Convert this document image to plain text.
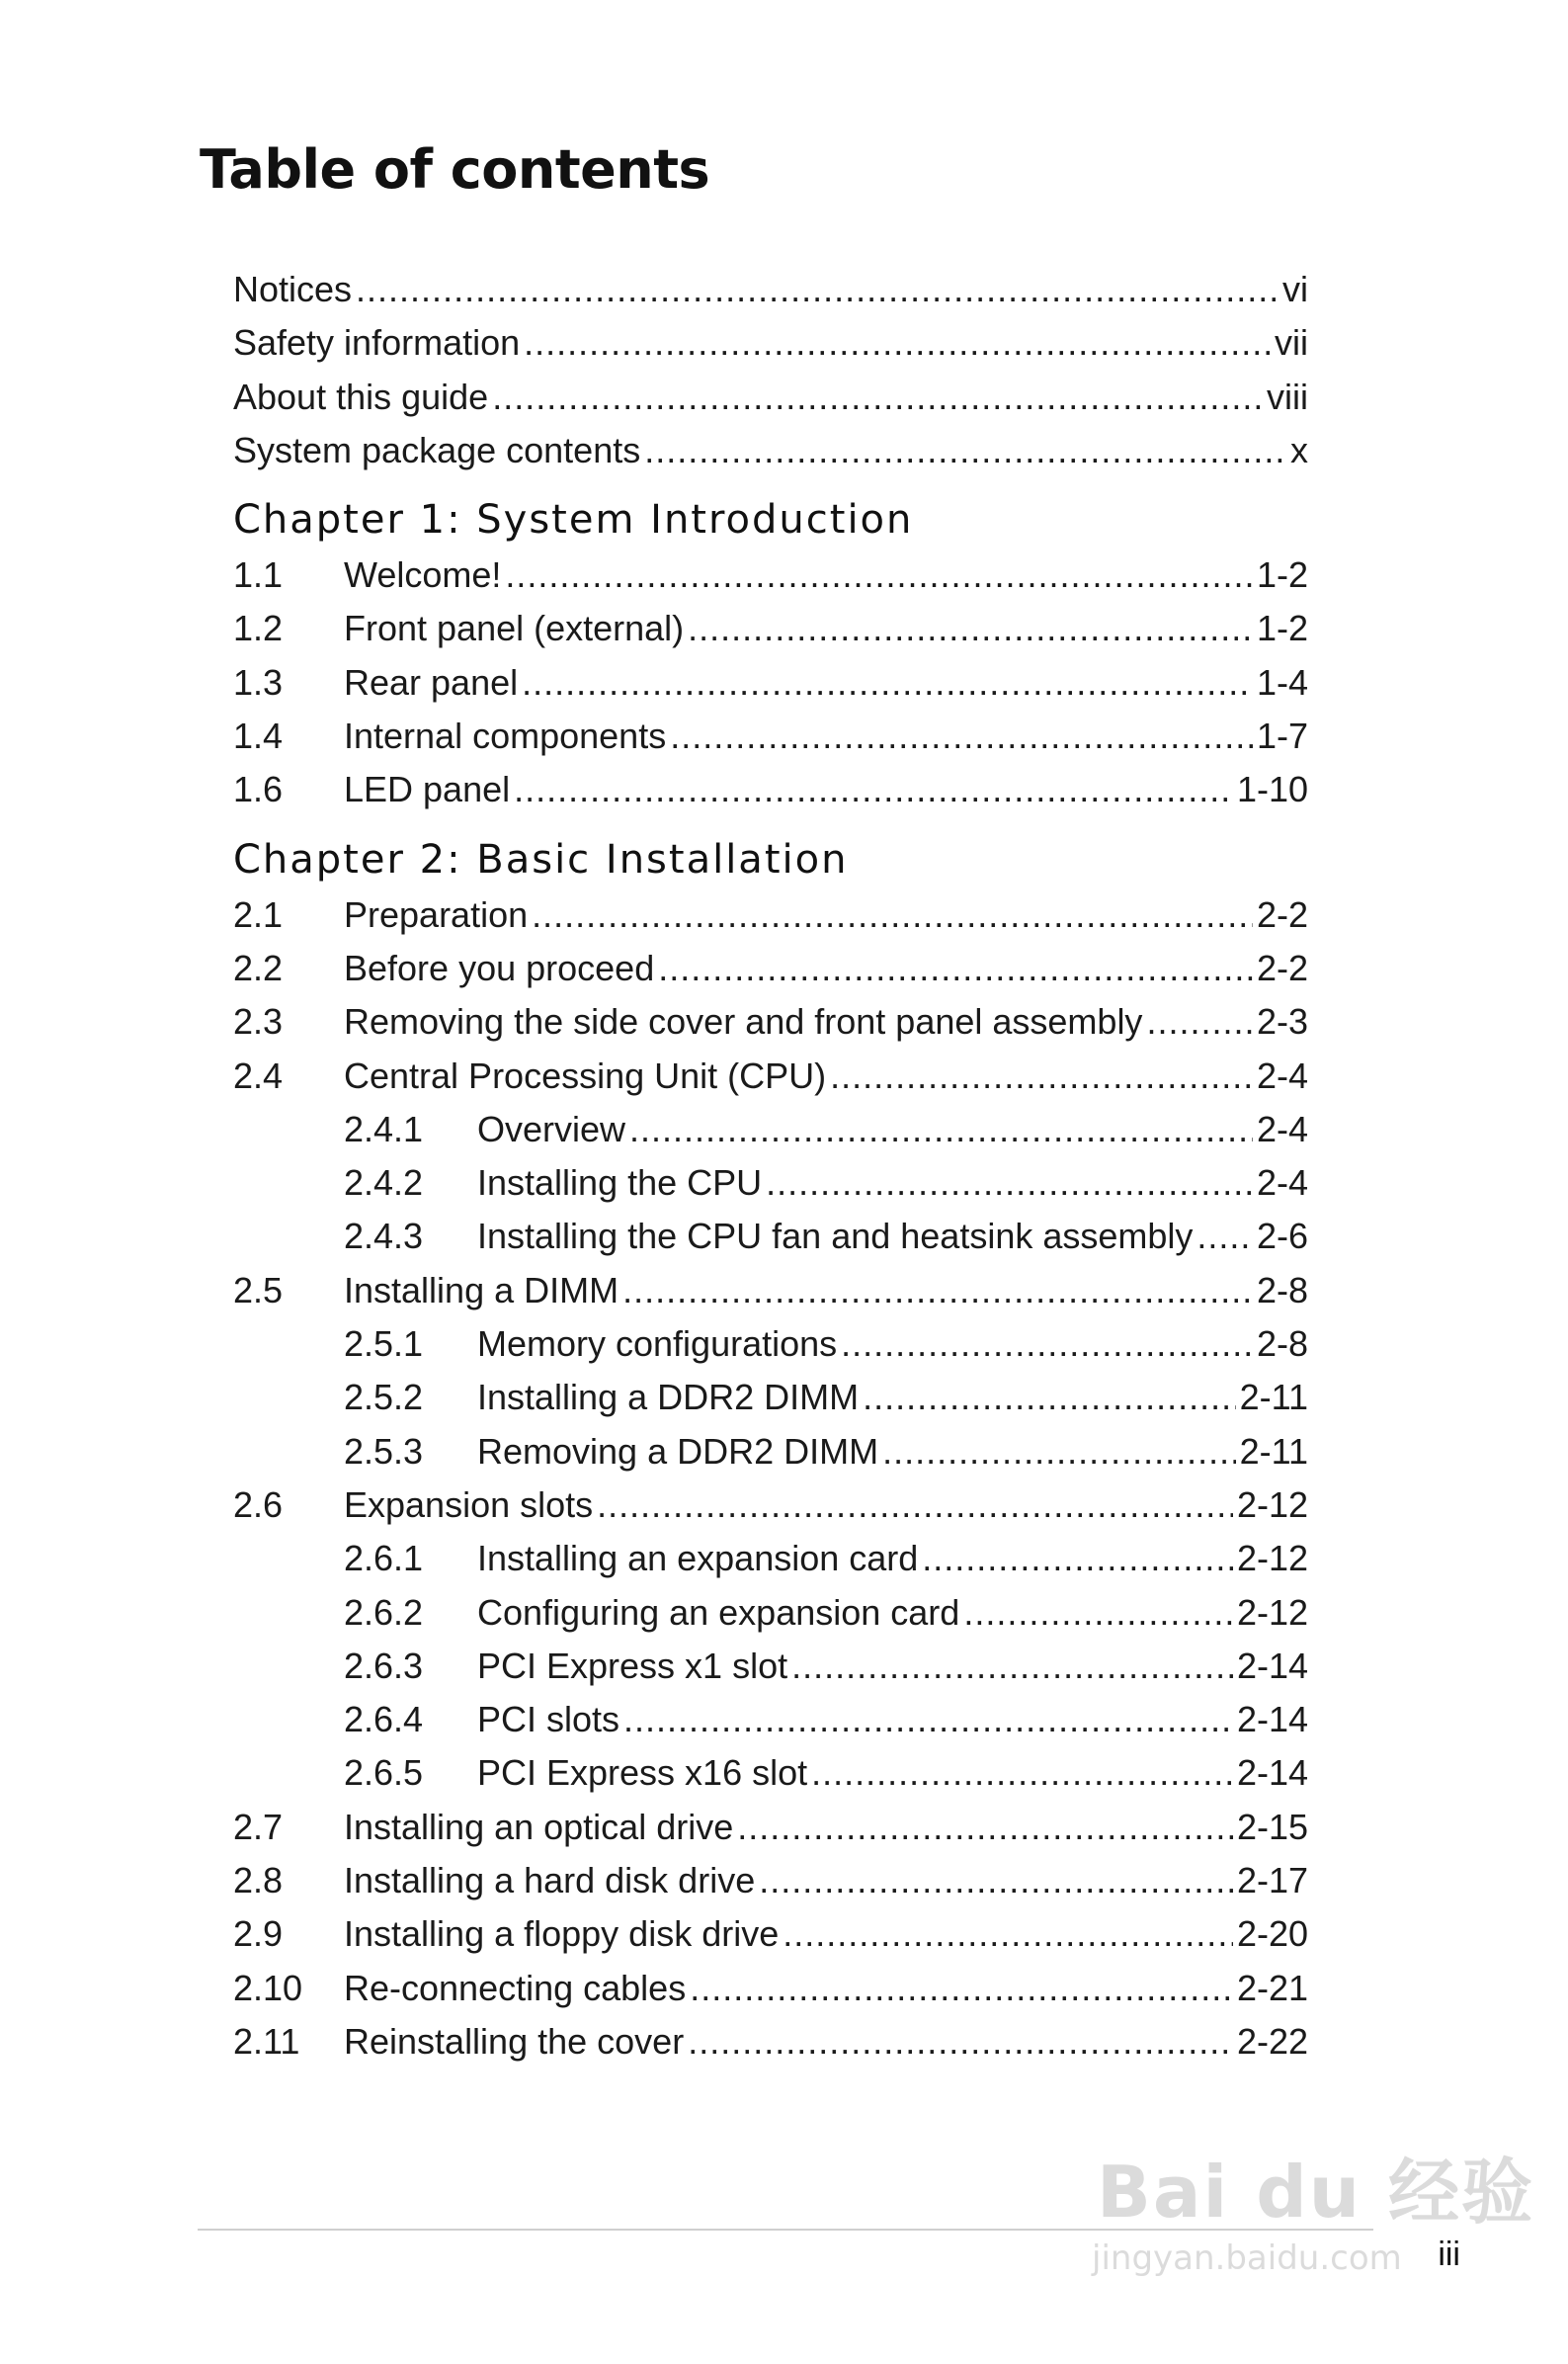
Table of contents
Notices .....	vi
Safety information .....	vii
About this guide .....	viii
System package contents .....	x
Chapter 1: System Introduction
1.1	Welcome! .....	1-2
1.2	Front panel (external) .....	1-2
1.3	Rear panel .....	1-4
1.4	Internal components .....	1-7
1.6	LED panel .....	1-10
Chapter 2: Basic Installation
2.1	Preparation .....	2-2
2.2	Before you proceed .....	2-2
2.3	Removing the side cover and front panel assembly .....	2-3
2.4	Central Processing Unit (CPU) .....	2-4
2.4.1	Overview .....	2-4
2.4.2	Installing the CPU .....	2-4
2.4.3	Installing the CPU fan and heatsink assembly ..... 2-6
2.5	Installing a DIMM .....	2-8
2.5.1	Memory configurations .....	2-8
2.5.2	Installing a DDR2 DIMM .....	2-11
2.5.3	Removing a DDR2 DIMM .....	2-11
2.6	Expansion slots .....	2-12
2.6.1	Installing an expansion card .....	2-12
2.6.2	Configuring an expansion card .....	2-12
2.6.3	PCI Express x1 slot .....	2-14
2.6.4	PCI slots .....	2-14
2.6.5	PCI Express x16 slot .....	2-14
2.7	Installing an optical drive .....	2-15
2.8	Installing a hard disk drive .....	2-17
2.9	Installing a floppy disk drive .....	2-20
2.10	Re-connecting cables .....	2-21
2.11	Reinstalling the cover .....	2-22
Bai du 经验
jingyan.baidu.com iii
